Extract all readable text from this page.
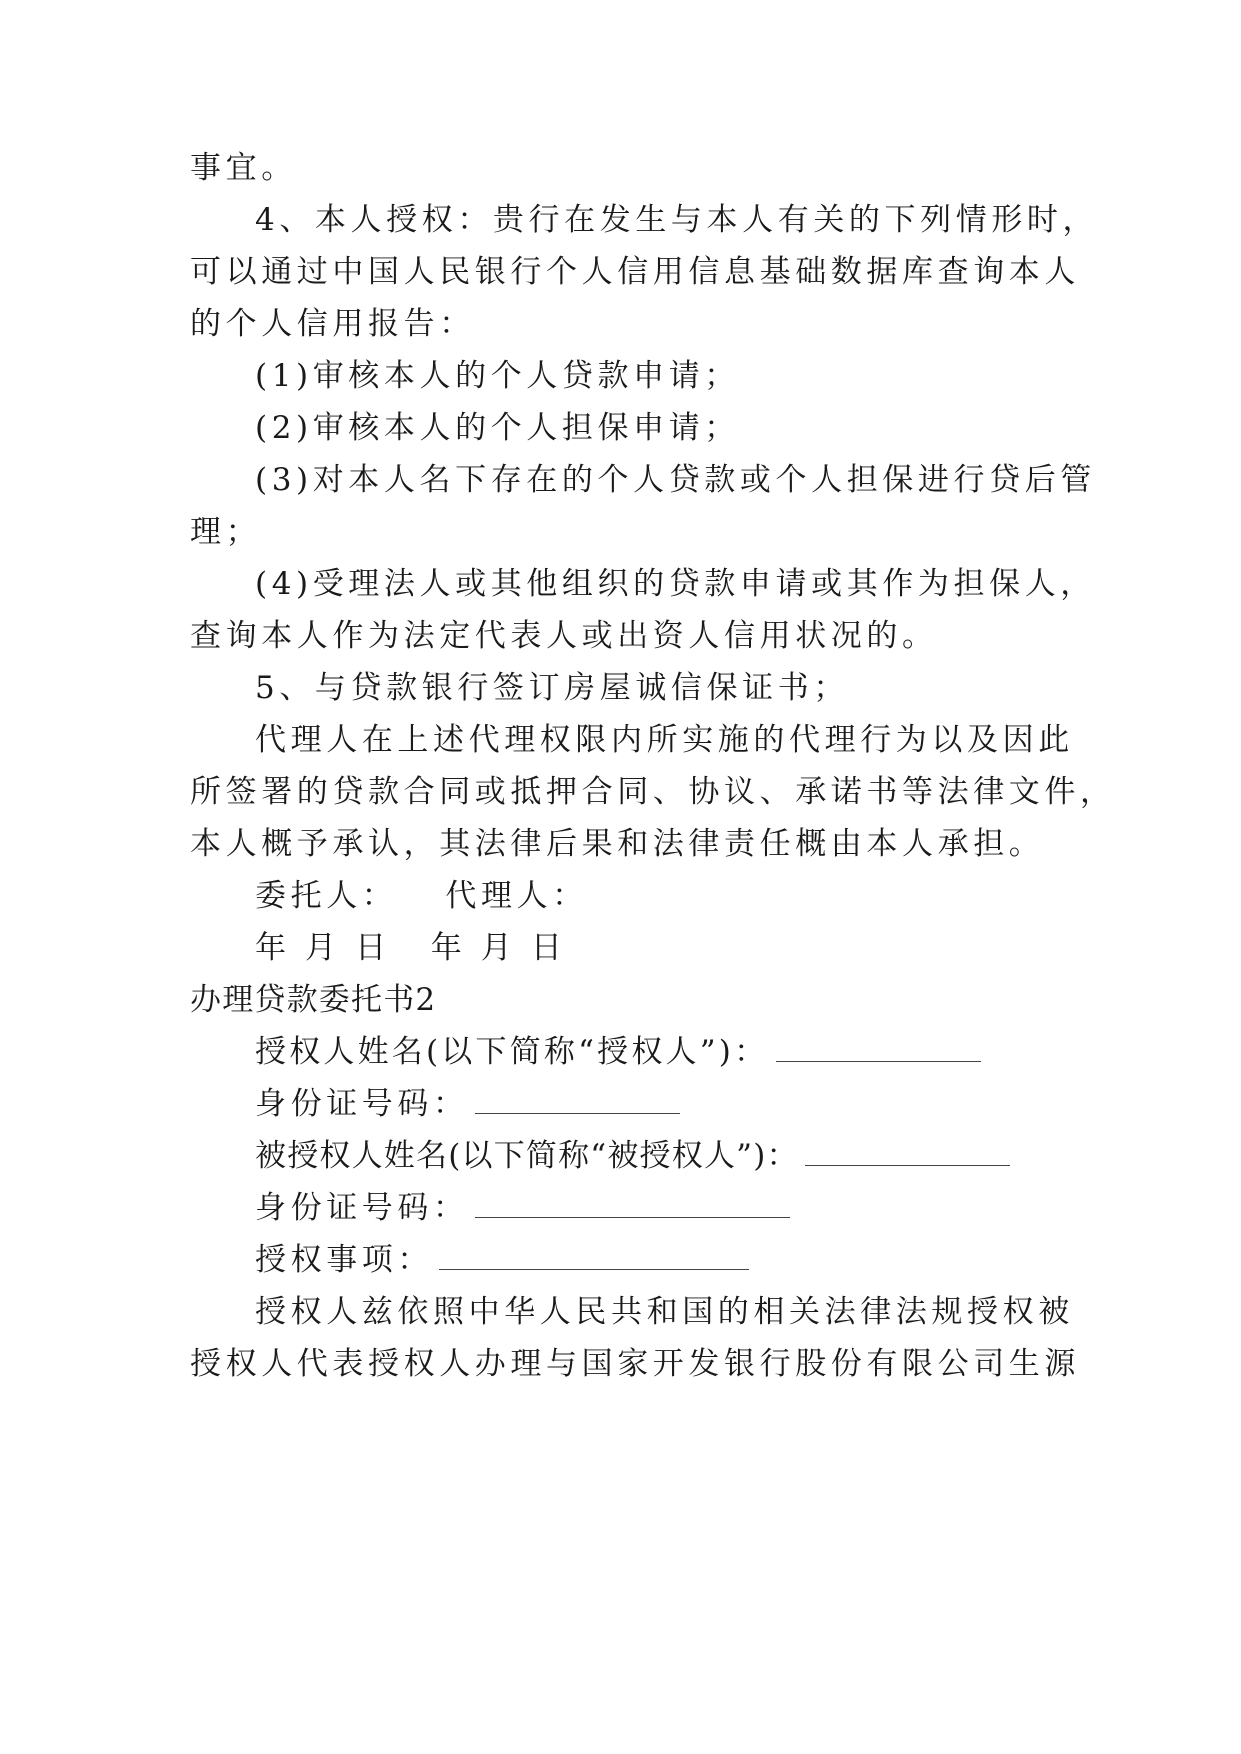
事宜。
4、本人授权：贵行在发生与本人有关的下列情形时，
可以通过中国人民银行个人信用信息基础数据库查询本人
的个人信用报告：
(1)审核本人的个人贷款申请；
(2)审核本人的个人担保申请；
(3)对本人名下存在的个人贷款或个人担保进行贷后管
理；
(4)受理法人或其他组织的贷款申请或其作为担保人，
查询本人作为法定代表人或出资人信用状况的。
5、与贷款银行签订房屋诚信保证书；
代理人在上述代理权限内所实施的代理行为以及因此
所签署的贷款合同或抵押合同、协议、承诺书等法律文件，
本人概予承认，其法律后果和法律责任概由本人承担。
委托人： 代理人：
年 月 日 年 月 日
办理贷款委托书2
授权人姓名(以下简称“授权人”)：
身份证号码：
被授权人姓名(以下简称“被授权人”)：
身份证号码：
授权事项：
授权人兹依照中华人民共和国的相关法律法规授权被
授权人代表授权人办理与国家开发银行股份有限公司生源
